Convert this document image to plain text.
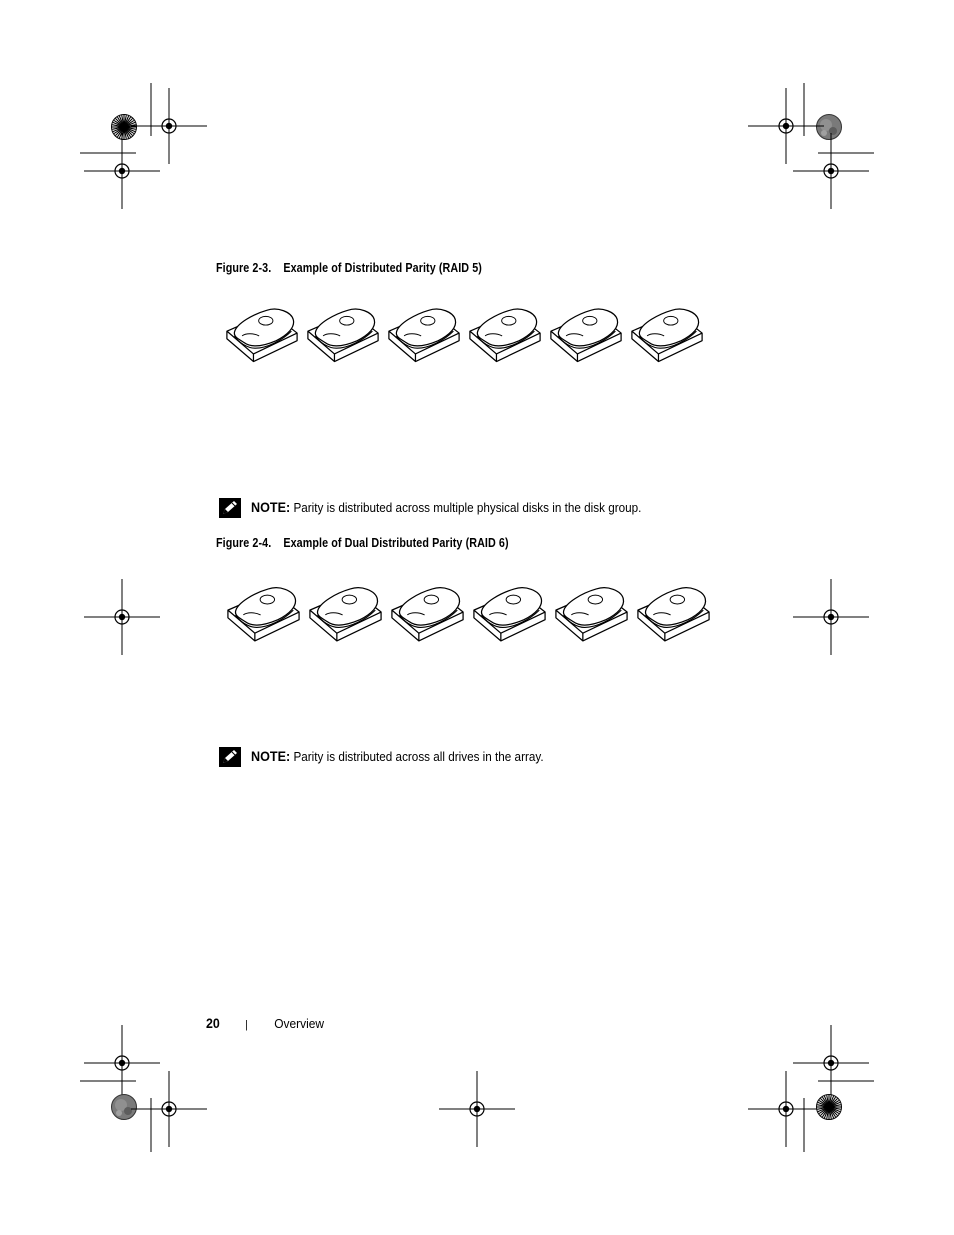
Figure 2-3. Example of Distributed Parity (RAID 5)
NOTE: Parity is distributed across multiple physical disks in the disk group.
Figure 2-4. Example of Dual Distributed Parity (RAID 6)
NOTE: Parity is distributed across all drives in the array.
20 | Overview
